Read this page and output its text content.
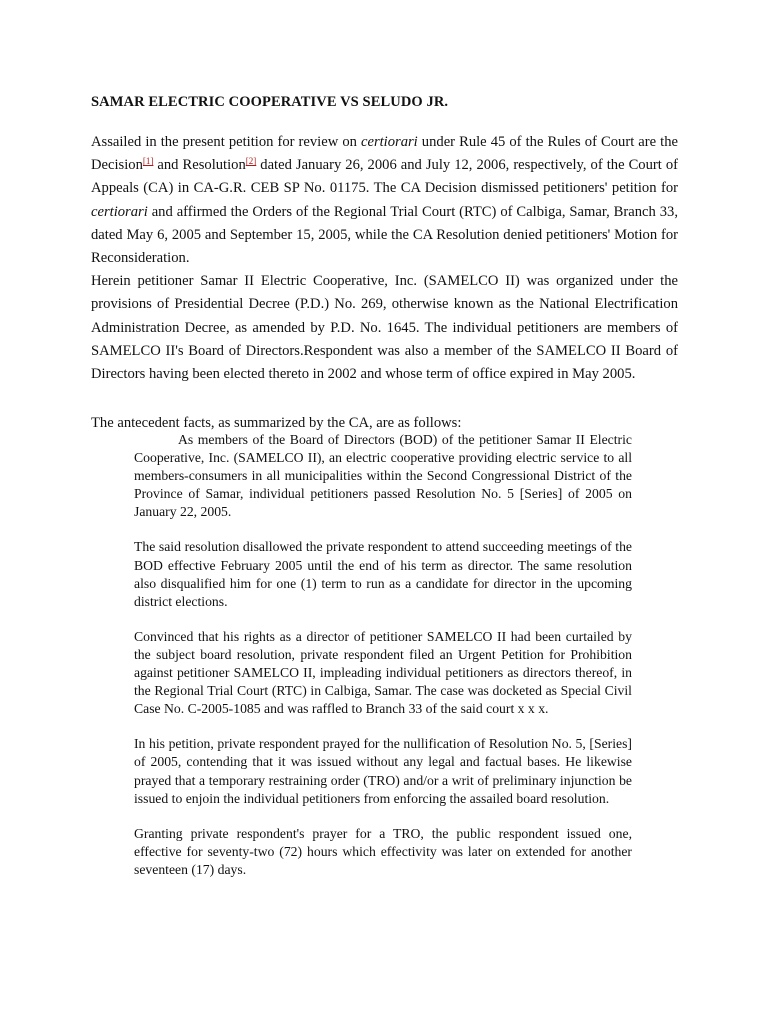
SAMAR ELECTRIC COOPERATIVE VS SELUDO JR.

Assailed in the present petition for review on certiorari under Rule 45 of the Rules of Court are the Decision[1] and Resolution[2] dated January 26, 2006 and July 12, 2006, respectively, of the Court of Appeals (CA) in CA-G.R. CEB SP No. 01175. The CA Decision dismissed petitioners' petition for certiorari and affirmed the Orders of the Regional Trial Court (RTC) of Calbiga, Samar, Branch 33, dated May 6, 2005 and September 15, 2005, while the CA Resolution denied petitioners' Motion for Reconsideration.

Herein petitioner Samar II Electric Cooperative, Inc. (SAMELCO II) was organized under the provisions of Presidential Decree (P.D.) No. 269, otherwise known as the National Electrification Administration Decree, as amended by P.D. No. 1645. The individual petitioners are members of SAMELCO II's Board of Directors.Respondent was also a member of the SAMELCO II Board of Directors having been elected thereto in 2002 and whose term of office expired in May 2005.

The antecedent facts, as summarized by the CA, are as follows:

As members of the Board of Directors (BOD) of the petitioner Samar II Electric Cooperative, Inc. (SAMELCO II), an electric cooperative providing electric service to all members-consumers in all municipalities within the Second Congressional District of the Province of Samar, individual petitioners passed Resolution No. 5 [Series] of 2005 on January 22, 2005.

The said resolution disallowed the private respondent to attend succeeding meetings of the BOD effective February 2005 until the end of his term as director. The same resolution also disqualified him for one (1) term to run as a candidate for director in the upcoming district elections.

Convinced that his rights as a director of petitioner SAMELCO II had been curtailed by the subject board resolution, private respondent filed an Urgent Petition for Prohibition against petitioner SAMELCO II, impleading individual petitioners as directors thereof, in the Regional Trial Court (RTC) in Calbiga, Samar. The case was docketed as Special Civil Case No. C-2005-1085 and was raffled to Branch 33 of the said court x x x.

In his petition, private respondent prayed for the nullification of Resolution No. 5, [Series] of 2005, contending that it was issued without any legal and factual bases. He likewise prayed that a temporary restraining order (TRO) and/or a writ of preliminary injunction be issued to enjoin the individual petitioners from enforcing the assailed board resolution.

Granting private respondent's prayer for a TRO, the public respondent issued one, effective for seventy-two (72) hours which effectivity was later on extended for another seventeen (17) days.
